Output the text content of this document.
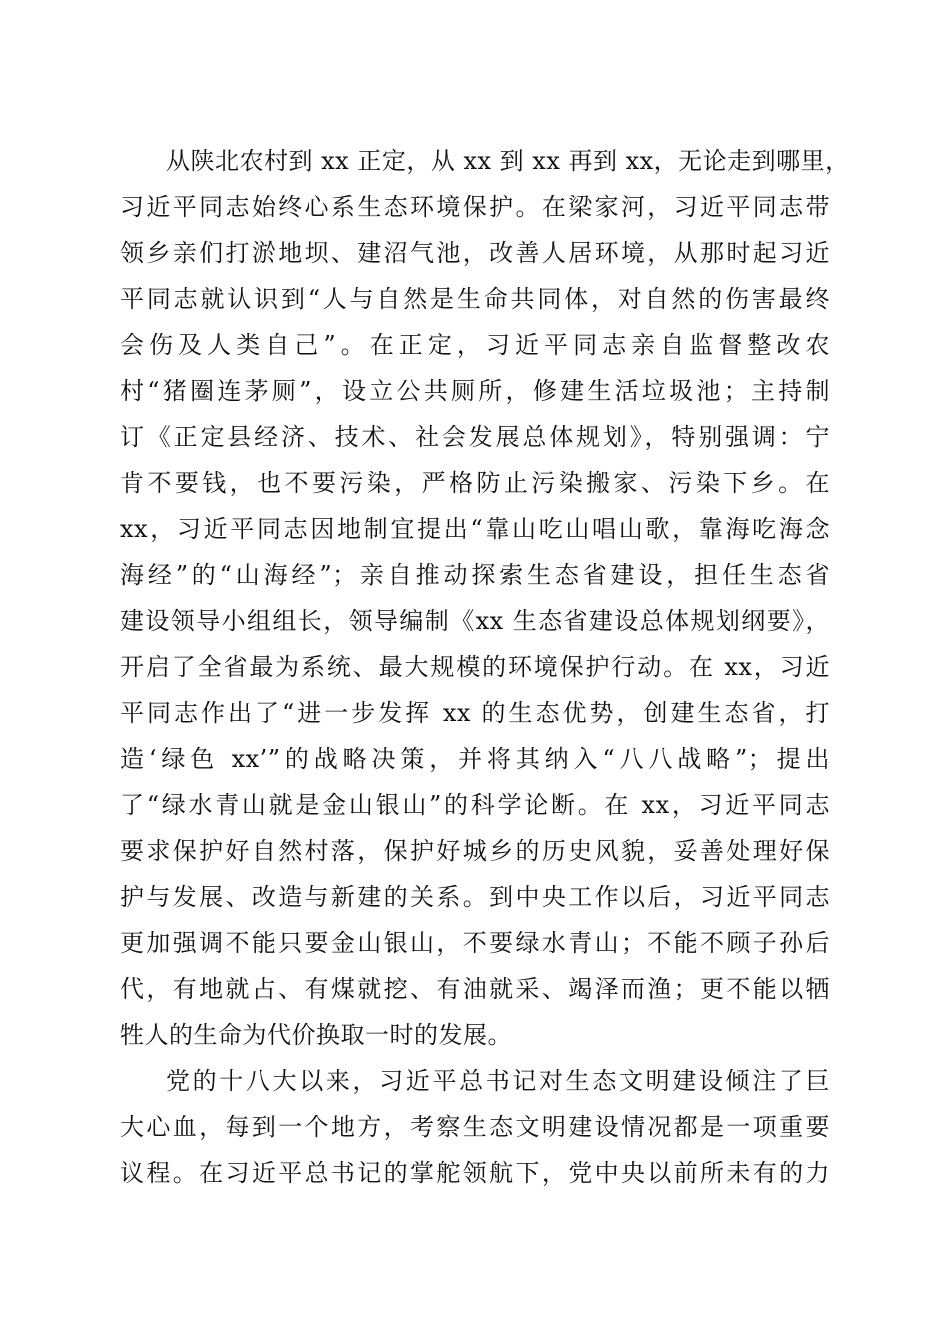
从陕北农村到 xx 正定，从 xx 到 xx 再到 xx，无论走到哪里，
习近平同志始终心系生态环境保护。在梁家河，习近平同志带
领乡亲们打淤地坝、建沼气池，改善人居环境，从那时起习近
平同志就认识到“人与自然是生命共同体，对自然的伤害最终
会伤及人类自己”。在正定，习近平同志亲自监督整改农
村“猪圈连茅厕”，设立公共厕所，修建生活垃圾池；主持制
订《正定县经济、技术、社会发展总体规划》，特别强调：宁
肯不要钱，也不要污染，严格防止污染搬家、污染下乡。在
xx，习近平同志因地制宜提出“靠山吃山唱山歌，靠海吃海念
海经”的“山海经”；亲自推动探索生态省建设，担任生态省
建设领导小组组长，领导编制《xx 生态省建设总体规划纲要》，
开启了全省最为系统、最大规模的环境保护行动。在 xx，习近
平同志作出了“进一步发挥 xx 的生态优势，创建生态省，打
造‘绿色 xx’”的战略决策，并将其纳入“八八战略”；提出
了“绿水青山就是金山银山”的科学论断。在 xx，习近平同志
要求保护好自然村落，保护好城乡的历史风貌，妥善处理好保
护与发展、改造与新建的关系。到中央工作以后，习近平同志
更加强调不能只要金山银山，不要绿水青山；不能不顾子孙后
代，有地就占、有煤就挖、有油就采、竭泽而渔；更不能以牺
牲人的生命为代价换取一时的发展。
党的十八大以来，习近平总书记对生态文明建设倾注了巨
大心血，每到一个地方，考察生态文明建设情况都是一项重要
议程。在习近平总书记的掌舵领航下，党中央以前所未有的力
